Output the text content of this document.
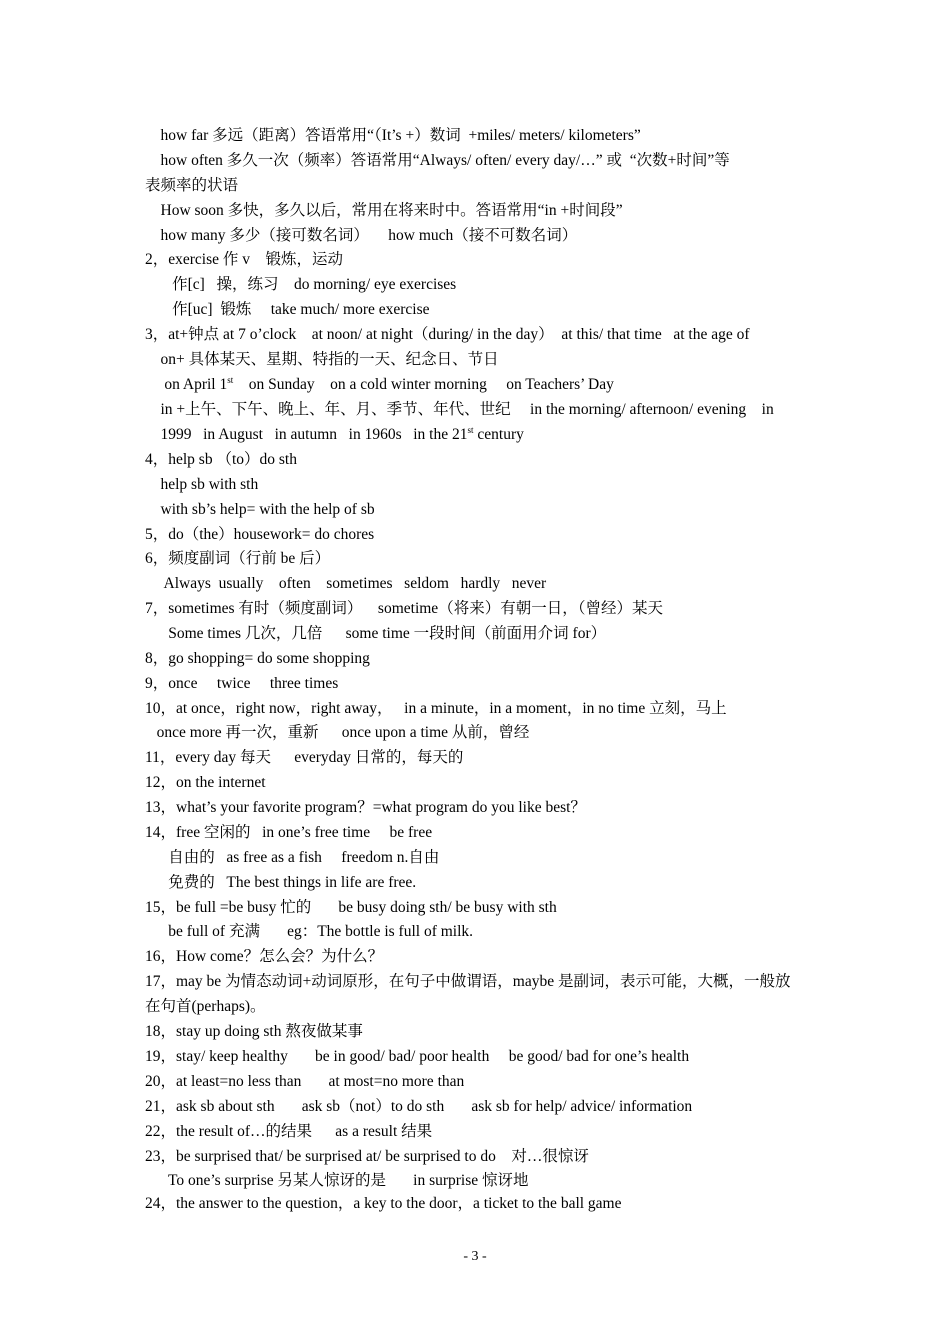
how far 多远（距离）答语常用“（It’s +）数词  +miles/ meters/ kilometers”
how often 多久一次（频率）答语常用“Always/ often/ every day/…” 或  “次数+时间”等
表频率的状语
How soon 多快，多久以后，常用在将来时中。答语常用“in +时间段”
how many 多少（接可数名词）     how much（接不可数名词）
2，exercise 作 v    锻炼，运动
作[c]   操，练习    do morning/ eye exercises
作[uc]  锻炼     take much/ more exercise
3，at+钟点 at 7 o’clock    at noon/ at night（during/ in the day）  at this/ that time   at the age of
on+ 具体某天、星期、特指的一天、纪念日、节日
on April 1st    on Sunday    on a cold winter morning     on Teachers’ Day
in +上午、下午、晚上、年、月、季节、年代、世纪     in the morning/ afternoon/ evening    in
1999   in August   in autumn   in 1960s   in the 21st century
4，help sb （to）do sth
help sb with sth
with sb’s help= with the help of sb
5，do（the）housework= do chores
6，频度副词（行前 be 后）
Always  usually    often    sometimes   seldom   hardly   never
7，sometimes 有时（频度副词）    sometime（将来）有朝一日，（曾经）某天
Some times 几次，几倍      some time 一段时间（前面用介词 for）
8，go shopping= do some shopping
9，once     twice     three times
10，at once，right now，right away，   in a minute，in a moment，in no time 立刻，马上
once more 再一次，重新      once upon a time 从前，曾经
11，every day 每天      everyday 日常的，每天的
12，on the internet
13，what’s your favorite program？=what program do you like best？
14，free 空闲的   in one’s free time     be free
自由的   as free as a fish     freedom n.自由
免费的   The best things in life are free.
15，be full =be busy 忙的       be busy doing sth/ be busy with sth
be full of 充满       eg：The bottle is full of milk.
16，How come？怎么会？为什么？
17，may be 为情态动词+动词原形，在句子中做谓语，maybe 是副词，表示可能，大概，一般放
在句首(perhaps)。
18，stay up doing sth 熬夜做某事
19，stay/ keep healthy       be in good/ bad/ poor health     be good/ bad for one’s health
20，at least=no less than       at most=no more than
21，ask sb about sth       ask sb（not）to do sth       ask sb for help/ advice/ information
22，the result of…的结果      as a result 结果
23，be surprised that/ be surprised at/ be surprised to do    对…很惊讶
To one’s surprise 另某人惊讶的是       in surprise 惊讶地
24，the answer to the question，a key to the door，a ticket to the ball game
- 3 -
